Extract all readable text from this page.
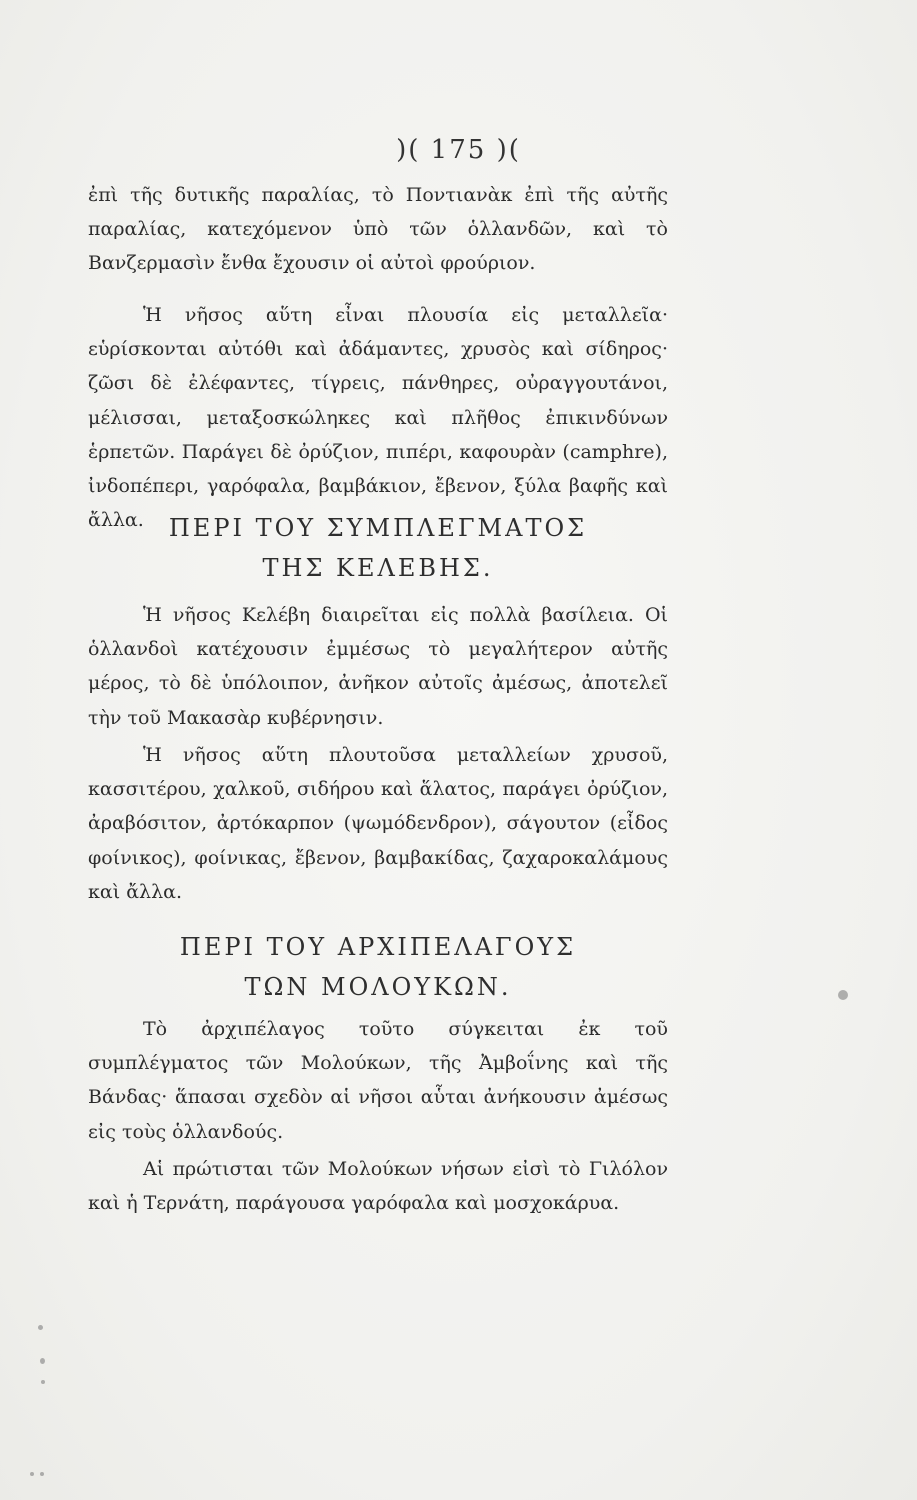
)( 175 )(
ἐπὶ τῆς δυτικῆς παραλίας, τὸ Ποντιανὰκ ἐπὶ τῆς αὐτῆς παραλίας, κατεχόμενον ὑπὸ τῶν ὁλλανδῶν, καὶ τὸ Βανζερμασὶν ἔνθα ἔχουσιν οἱ αὐτοὶ φρούριον.
Ἡ νῆσος αὕτη εἶναι πλουσία εἰς μεταλλεῖα· εὑρίσκονται αὐτόθι καὶ ἀδάμαντες, χρυσὸς καὶ σίδηρος· ζῶσι δὲ ἐλέφαντες, τίγρεις, πάνθηρες, οὐραγγουτάνοι, μέλισσαι, μεταξοσκώληκες καὶ πλῆθος ἐπικινδύνων ἑρπετῶν. Παράγει δὲ ὀρύζιον, πιπέρι, καφουρὰν (camphre), ἰνδοπέπερι, γαρόφαλα, βαμβάκιον, ἔβενον, ξύλα βαφῆς καὶ ἄλλα.	ΠΕΡΙ ΤΟΥ ΣΥΜΠΛΕΓΜΑΤΟΣ
ΤΗΣ ΚΕΛΕΒΗΣ.
Ἡ νῆσος Κελέβη διαιρεῖται εἰς πολλὰ βασίλεια. Οἱ ὁλλανδοὶ κατέχουσιν ἐμμέσως τὸ μεγαλήτερον αὐτῆς μέρος, τὸ δὲ ὑπόλοιπον, ἀνῆκον αὐτοῖς ἀμέσως, ἀποτελεῖ τὴν τοῦ Μακασὰρ κυβέρνησιν.
Ἡ νῆσος αὕτη πλουτοῦσα μεταλλείων χρυσοῦ, κασσιτέρου, χαλκοῦ, σιδήρου καὶ ἅλατος, παράγει ὀρύζιον, ἀραβόσιτον, ἀρτόκαρπον (ψωμόδενδρον), σάγουτον (εἶδος φοίνικος), φοίνικας, ἔβενον, βαμβακίδας, ζαχαροκαλάμους καὶ ἄλλα.
ΠΕΡΙ ΤΟΥ ΑΡΧΙΠΕΛΑΓΟΥΣ
ΤΩΝ ΜΟΛΟΥΚΩΝ.
Τὸ ἀρχιπέλαγος τοῦτο σύγκειται ἐκ τοῦ συμπλέγματος τῶν Μολούκων, τῆς Ἀμβοΐνης καὶ τῆς Βάνδας· ἅπασαι σχεδὸν αἱ νῆσοι αὗται ἀνήκουσιν ἀμέσως εἰς τοὺς ὁλλανδούς.
Αἱ πρώτισται τῶν Μολούκων νήσων εἰσὶ τὸ Γιλόλον καὶ ἡ Τερνάτη, παράγουσα γαρόφαλα καὶ μοσχοκάρυα.
